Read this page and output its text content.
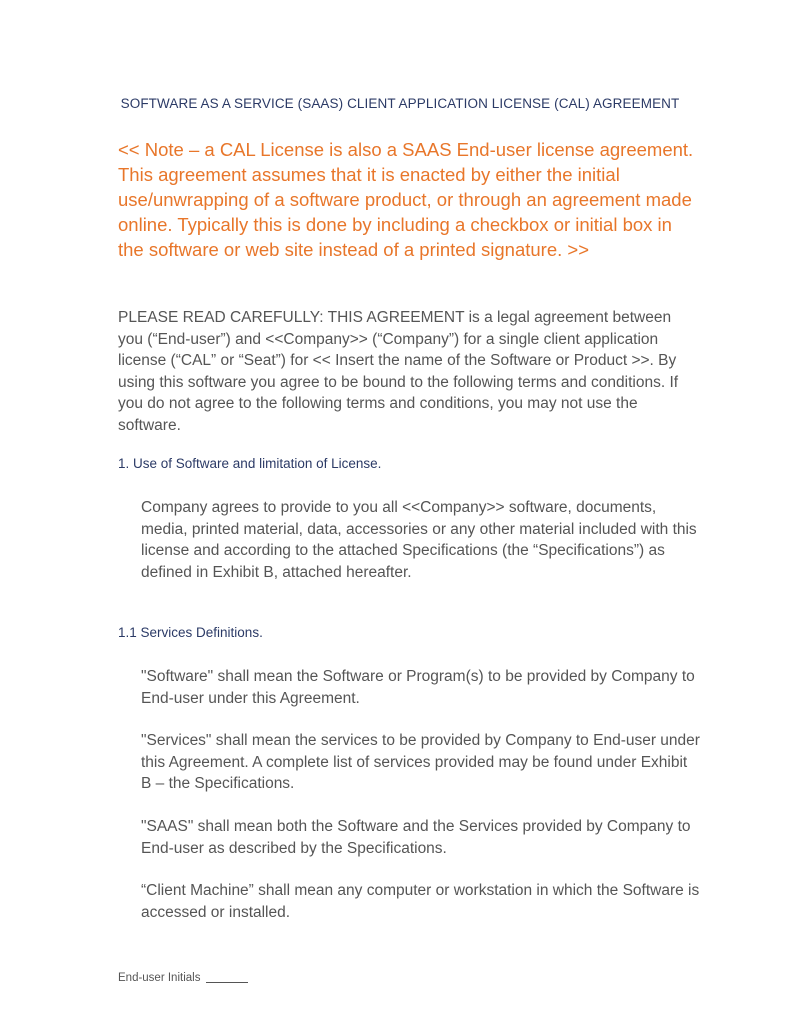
SOFTWARE AS A SERVICE (SAAS) CLIENT APPLICATION LICENSE (CAL) AGREEMENT
<< Note – a CAL License is also a SAAS End-user license agreement. This agreement assumes that it is enacted by either the initial use/unwrapping of a software product, or through an agreement made online. Typically this is done by including a checkbox or initial box in the software or web site instead of a printed signature. >>
PLEASE READ CAREFULLY: THIS AGREEMENT is a legal agreement between you (“End-user”) and <<Company>> (“Company”) for a single client application license (“CAL” or “Seat”) for << Insert the name of the Software or Product >>. By using this software you agree to be bound to the following terms and conditions. If you do not agree to the following terms and conditions, you may not use the software.
1. Use of Software and limitation of License.
Company agrees to provide to you all <<Company>> software, documents, media, printed material, data, accessories or any other material included with this license and according to the attached Specifications (the “Specifications”) as defined in Exhibit B, attached hereafter.
1.1 Services Definitions.
"Software" shall mean the Software or Program(s) to be provided by Company to End-user under this Agreement.
"Services" shall mean the services to be provided by Company to End-user under this Agreement. A complete list of services provided may be found under Exhibit B – the Specifications.
"SAAS" shall mean both the Software and the Services provided by Company to End-user as described by the Specifications.
“Client Machine” shall mean any computer or workstation in which the Software is accessed or installed.
End-user Initials
